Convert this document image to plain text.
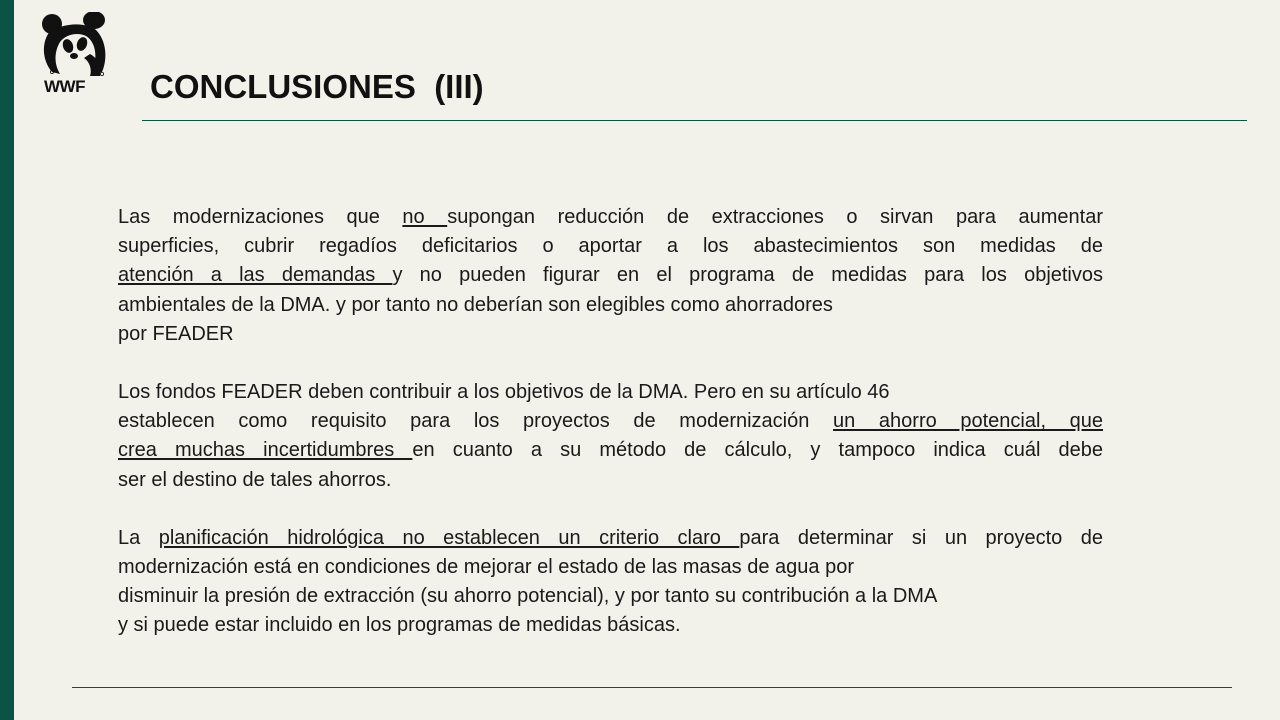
WWF CONCLUSIONES  (III)

Las modernizaciones que no supongan reducción de extracciones o sirvan para aumentar
superficies, cubrir regadíos deficitarios o aportar a los abastecimientos son medidas de
atención a las demandas y no pueden figurar en el programa de medidas para los objetivos
ambientales de la DMA. y por tanto no deberían son elegibles como ahorradores
por FEADER

Los fondos FEADER deben contribuir a los objetivos de la DMA. Pero en su artículo 46
establecen como requisito para los proyectos de modernización un ahorro potencial, que
crea muchas incertidumbres en cuanto a su método de cálculo, y tampoco indica cuál debe
ser el destino de tales ahorros.

La planificación hidrológica no establecen un criterio claro para determinar si un proyecto de
modernización está en condiciones de mejorar el estado de las masas de agua por
disminuir la presión de extracción (su ahorro potencial), y por tanto su contribución a la DMA
y si puede estar incluido en los programas de medidas básicas.
